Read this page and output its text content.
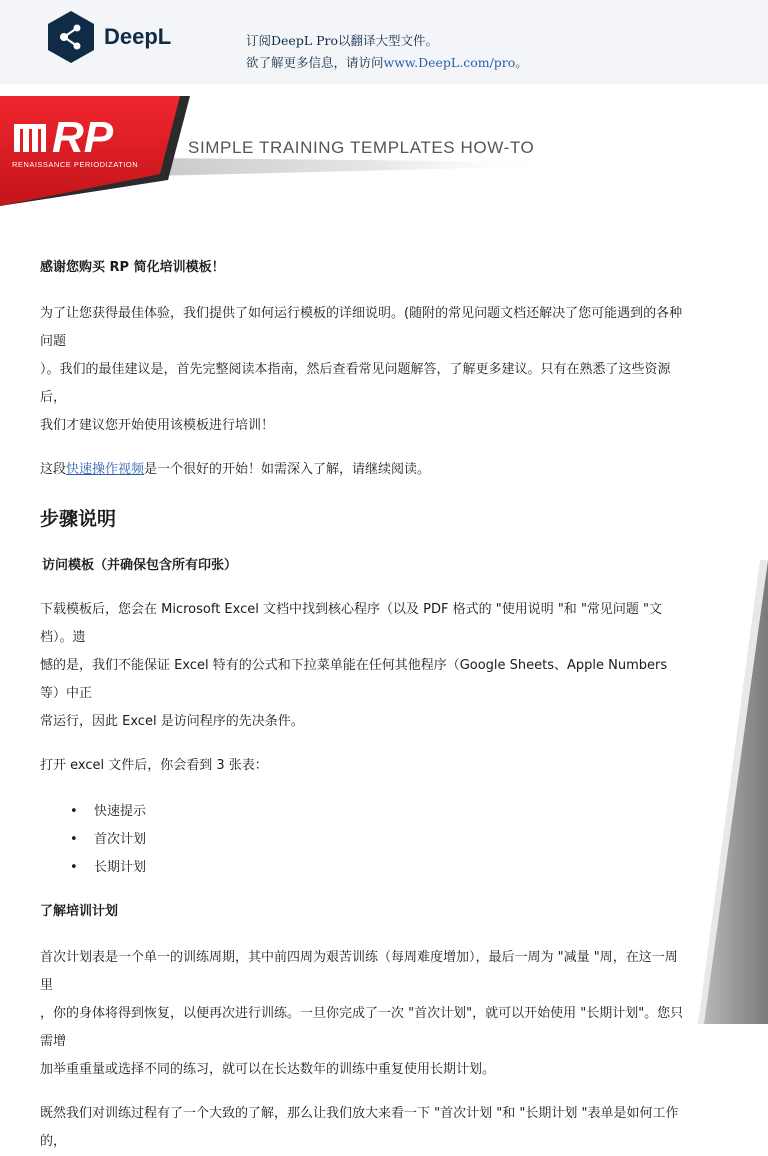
DeepL	订阅DeepL Pro以翻译大型文件。
欲了解更多信息，请访问www.DeepL.com/pro。
RP
RENAISSANCE PERIODIZATION
SIMPLE TRAINING TEMPLATES HOW-TO

感谢您购买 RP 简化培训模板！

为了让您获得最佳体验，我们提供了如何运行模板的详细说明。(随附的常见问题文档还解决了您可能遇到的各种问题

）。我们的最佳建议是，首先完整阅读本指南，然后查看常见问题解答，了解更多建议。只有在熟悉了这些资源后，

我们才建议您开始使用该模板进行培训！

这段快速操作视频是一个很好的开始！如需深入了解，请继续阅读。

步骤说明

访问模板（并确保包含所有印张）

下载模板后，您会在 Microsoft Excel 文档中找到核心程序（以及 PDF 格式的 "使用说明 "和 "常见问题 "文档）。遗

憾的是，我们不能保证 Excel 特有的公式和下拉菜单能在任何其他程序（Google Sheets、Apple Numbers 等）中正

常运行，因此 Excel 是访问程序的先决条件。

打开 excel 文件后，你会看到 3 张表：

• 快速提示
• 首次计划
• 长期计划

了解培训计划

首次计划表是一个单一的训练周期，其中前四周为艰苦训练（每周难度增加），最后一周为 "减量 "周，在这一周里

，你的身体将得到恢复，以便再次进行训练。一旦你完成了一次 "首次计划"，就可以开始使用 "长期计划"。您只需增

加举重重量或选择不同的练习，就可以在长达数年的训练中重复使用长期计划。

既然我们对训练过程有了一个大致的了解，那么让我们放大来看一下 "首次计划 "和 "长期计划 "表单是如何工作的，
